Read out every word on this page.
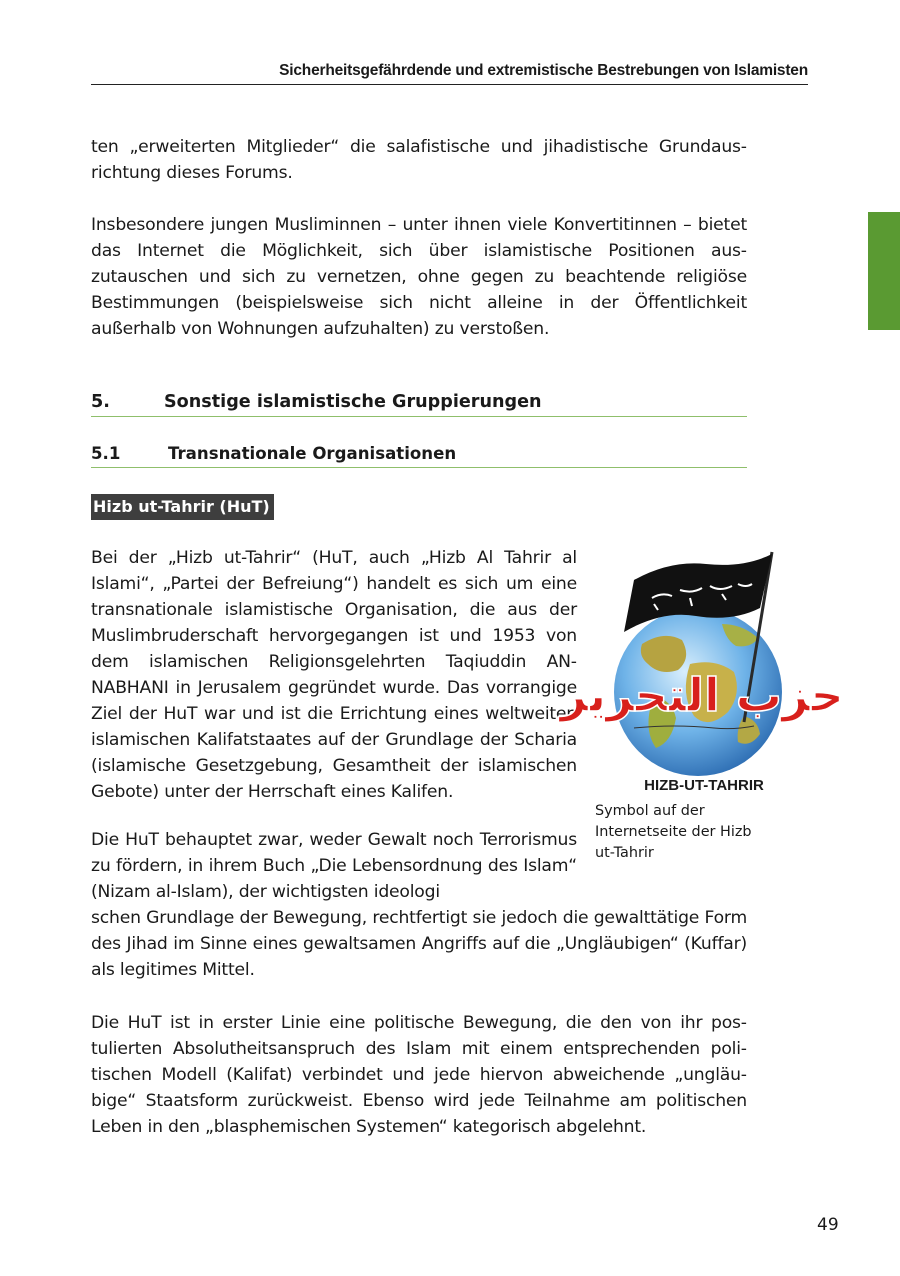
Sicherheitsgefährdende und extremistische Bestrebungen von Islamisten

ten „erweiterten Mitglieder“ die salafistische und jihadistische Grundausrichtung dieses Forums.

Insbesondere jungen Musliminnen – unter ihnen viele Konvertitinnen – bietet das Internet die Möglichkeit, sich über islamistische Positionen auszutauschen und sich zu vernetzen, ohne gegen zu beachtende religiöse Bestimmungen (beispielsweise sich nicht alleine in der Öffentlichkeit außerhalb von Wohnungen aufzuhalten) zu verstoßen.

5.	Sonstige islamistische Gruppierungen
5.1	Transnationale Organisationen
Hizb ut-Tahrir (HuT)

Bei der „Hizb ut-Tahrir“ (HuT, auch „Hizb Al Tahrir al Islami“, „Partei der Befreiung“) handelt es sich um eine transnationale islamistische Organisation, die aus der Muslimbruderschaft hervorgegangen ist und 1953 von dem islamischen Religionsgelehrten Taqiuddin ANNABHANI in Jerusalem gegründet wurde. Das vorrangige Ziel der HuT war und ist die Errichtung eines weltweiten islamischen Kalifatstaates auf der Grundlage der Scharia (islamische Gesetzgebung, Gesamtheit der islamischen Gebote) unter der Herrschaft eines Kalifen.

Die HuT behauptet zwar, weder Gewalt noch Terrorismus zu fördern, in ihrem Buch „Die Lebensordnung des Islam“ (Nizam al-Islam), der wichtigsten ideologi

schen Grundlage der Bewegung, rechtfertigt sie jedoch die gewalttätige Form des Jihad im Sinne eines gewaltsamen Angriffs auf die „Ungläubigen“ (Kuffar) als legitimes Mittel.

Die HuT ist in erster Linie eine politische Bewegung, die den von ihr postulierten Absolutheitsanspruch des Islam mit einem entsprechenden politischen Modell (Kalifat) verbindet und jede hiervon abweichende „ungläubige“ Staatsform zurückweist. Ebenso wird jede Teilnahme am politischen Leben in den „blasphemischen Systemen“ kategorisch abgelehnt.

حزب التحرير
HIZB-UT-TAHRIR
Symbol auf der Internetseite der Hizb ut-Tahrir
49
